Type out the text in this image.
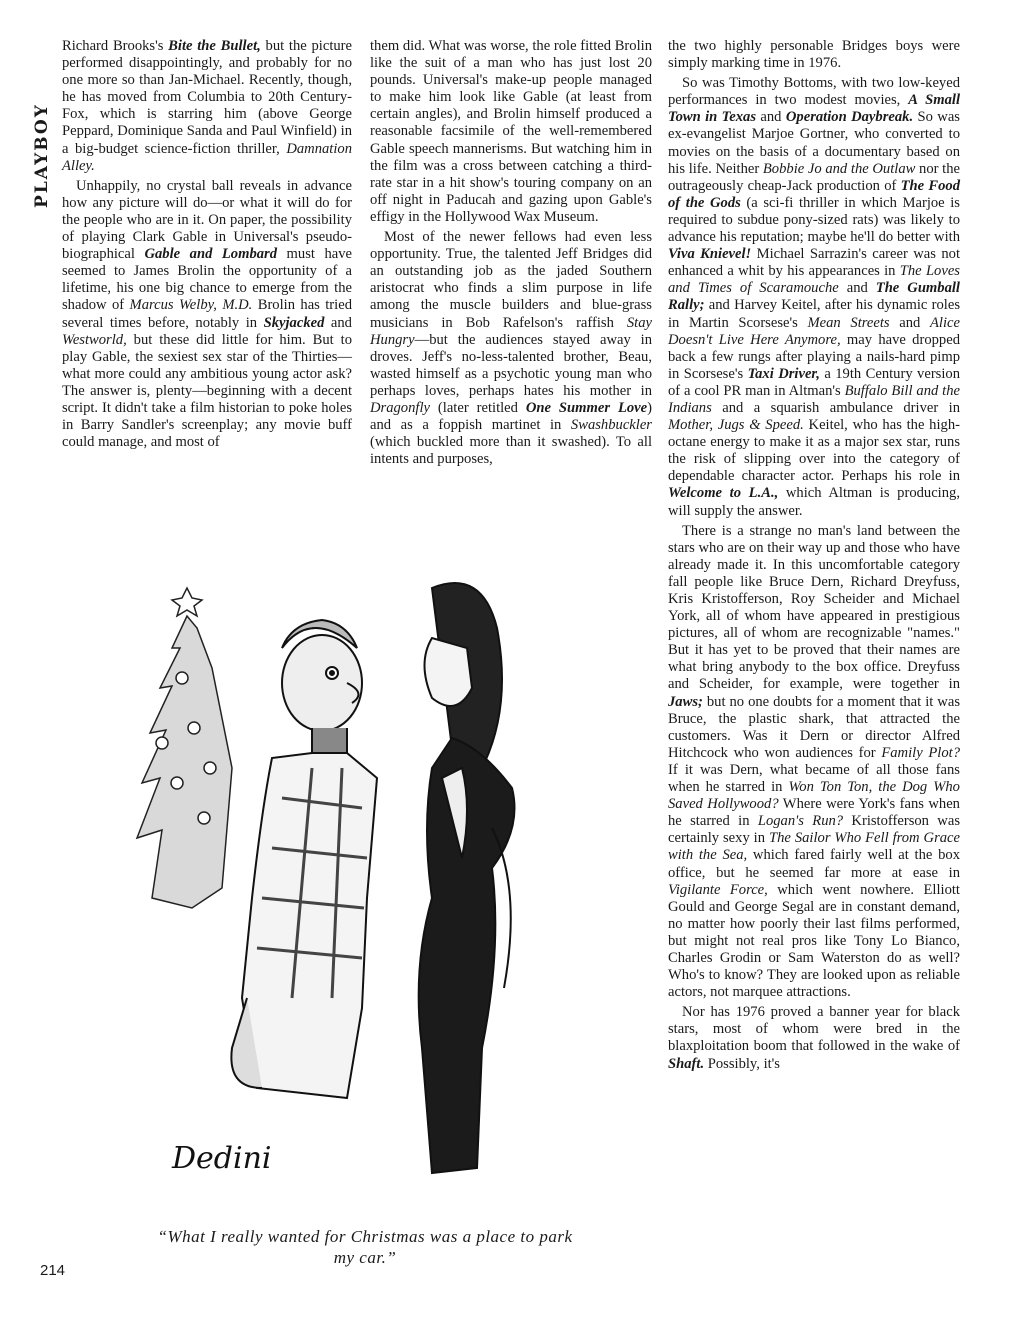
PLAYBOY

Richard Brooks's Bite the Bullet, but the picture performed disappointingly, and probably for no one more so than Jan-Michael. Recently, though, he has moved from Columbia to 20th Century-Fox, which is starring him (above George Peppard, Dominique Sanda and Paul Winfield) in a big-budget science-fiction thriller, Damnation Alley.

Unhappily, no crystal ball reveals in advance how any picture will do—or what it will do for the people who are in it. On paper, the possibility of playing Clark Gable in Universal's pseudo-biographical Gable and Lombard must have seemed to James Brolin the opportunity of a lifetime, his one big chance to emerge from the shadow of Marcus Welby, M.D. Brolin has tried several times before, notably in Skyjacked and Westworld, but these did little for him. But to play Gable, the sexiest sex star of the Thirties—what more could any ambitious young actor ask? The answer is, plenty—beginning with a decent script. It didn't take a film historian to poke holes in Barry Sandler's screenplay; any movie buff could manage, and most of

them did. What was worse, the role fitted Brolin like the suit of a man who has just lost 20 pounds. Universal's make-up people managed to make him look like Gable (at least from certain angles), and Brolin himself produced a reasonable facsimile of the well-remembered Gable speech mannerisms. But watching him in the film was a cross between catching a third-rate star in a hit show's touring company on an off night in Paducah and gazing upon Gable's effigy in the Hollywood Wax Museum.

Most of the newer fellows had even less opportunity. True, the talented Jeff Bridges did an outstanding job as the jaded Southern aristocrat who finds a slim purpose in life among the muscle builders and blue-grass musicians in Bob Rafelson's raffish Stay Hungry—but the audiences stayed away in droves. Jeff's no-less-talented brother, Beau, wasted himself as a psychotic young man who perhaps loves, perhaps hates his mother in Dragonfly (later retitled One Summer Love) and as a foppish martinet in Swashbuckler (which buckled more than it swashed). To all intents and purposes,

the two highly personable Bridges boys were simply marking time in 1976.

So was Timothy Bottoms, with two low-keyed performances in two modest movies, A Small Town in Texas and Operation Daybreak. So was ex-evangelist Marjoe Gortner, who converted to movies on the basis of a documentary based on his life. Neither Bobbie Jo and the Outlaw nor the outrageously cheap-Jack production of The Food of the Gods (a sci-fi thriller in which Marjoe is required to subdue pony-sized rats) was likely to advance his reputation; maybe he'll do better with Viva Knievel! Michael Sarrazin's career was not enhanced a whit by his appearances in The Loves and Times of Scaramouche and The Gumball Rally; and Harvey Keitel, after his dynamic roles in Martin Scorsese's Mean Streets and Alice Doesn't Live Here Anymore, may have dropped back a few rungs after playing a nails-hard pimp in Scorsese's Taxi Driver, a 19th Century version of a cool PR man in Altman's Buffalo Bill and the Indians and a squarish ambulance driver in Mother, Jugs & Speed. Keitel, who has the high-octane energy to make it as a major sex star, runs the risk of slipping over into the category of dependable character actor. Perhaps his role in Welcome to L.A., which Altman is producing, will supply the answer.

There is a strange no man's land between the stars who are on their way up and those who have already made it. In this uncomfortable category fall people like Bruce Dern, Richard Dreyfuss, Kris Kristofferson, Roy Scheider and Michael York, all of whom have appeared in prestigious pictures, all of whom are recognizable "names." But it has yet to be proved that their names are what bring anybody to the box office. Dreyfuss and Scheider, for example, were together in Jaws; but no one doubts for a moment that it was Bruce, the plastic shark, that attracted the customers. Was it Dern or director Alfred Hitchcock who won audiences for Family Plot? If it was Dern, what became of all those fans when he starred in Won Ton Ton, the Dog Who Saved Hollywood? Where were York's fans when he starred in Logan's Run? Kristofferson was certainly sexy in The Sailor Who Fell from Grace with the Sea, which fared fairly well at the box office, but he seemed far more at ease in Vigilante Force, which went nowhere. Elliott Gould and George Segal are in constant demand, no matter how poorly their last films performed, but might not real pros like Tony Lo Bianco, Charles Grodin or Sam Waterston do as well? Who's to know? They are looked upon as reliable actors, not marquee attractions.

Nor has 1976 proved a banner year for black stars, most of whom were bred in the blaxploitation boom that followed in the wake of Shaft. Possibly, it's

Dedini
“What I really wanted for Christmas was a place to park my car.”
214
